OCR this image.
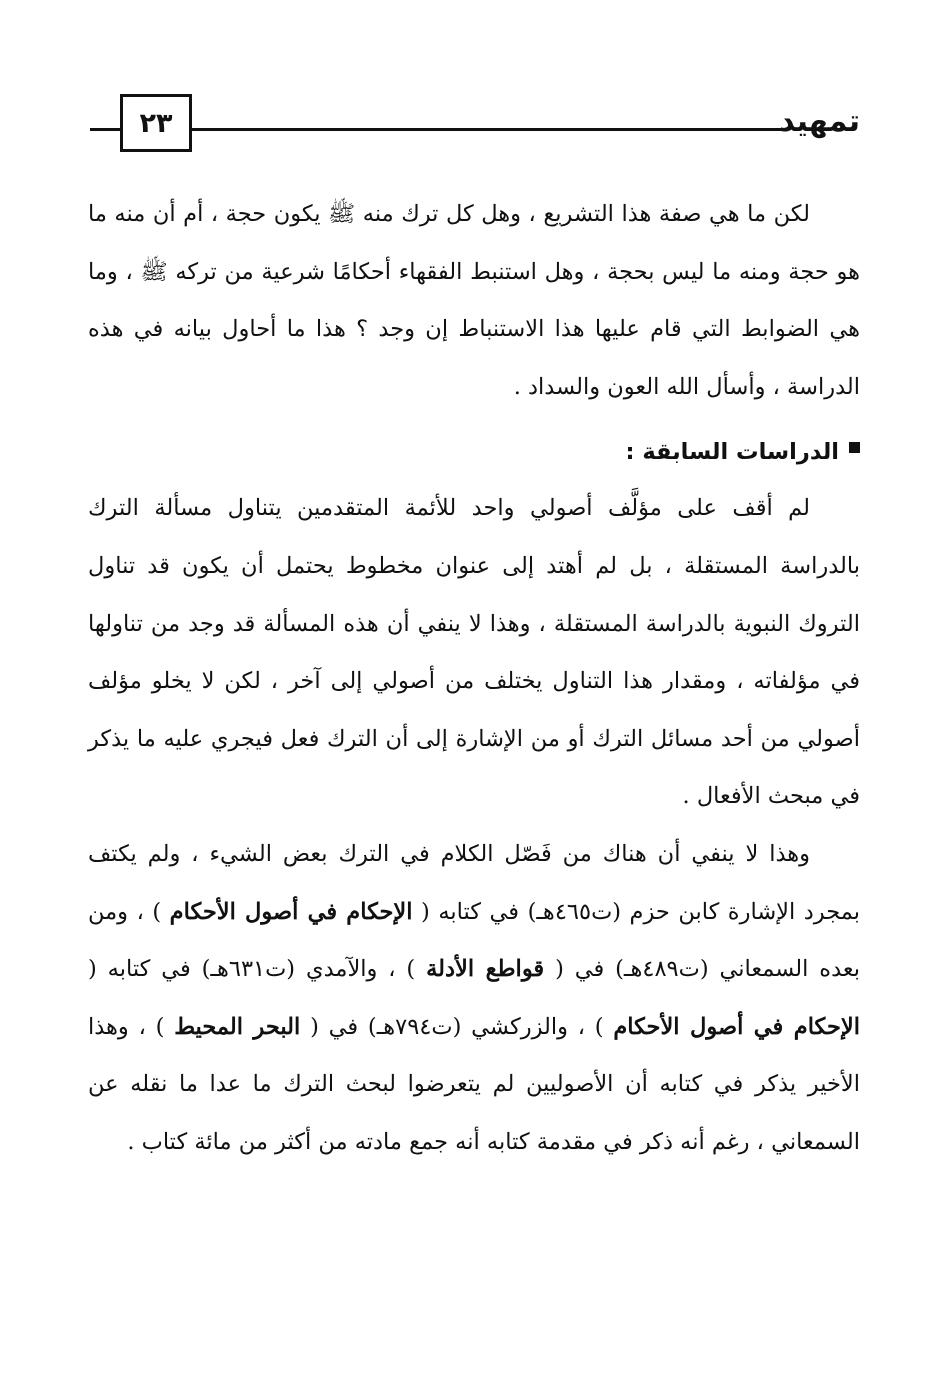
٢٣	تمهيد

لكن ما هي صفة هذا التشريع ، وهل كل ترك منه ﷺ يكون حجة ، أم أن منه ما هو حجة ومنه ما ليس بحجة ، وهل استنبط الفقهاء أحكامًا شرعية من تركه ﷺ ، وما هي الضوابط التي قام عليها هذا الاستنباط إن وجد ؟ هذا ما أحاول بيانه في هذه الدراسة ، وأسأل الله العون والسداد .

الدراسات السابقة :

لم أقف على مؤلَّف أصولي واحد للأئمة المتقدمين يتناول مسألة الترك بالدراسة المستقلة ، بل لم أهتد إلى عنوان مخطوط يحتمل أن يكون قد تناول التروك النبوية بالدراسة المستقلة ، وهذا لا ينفي أن هذه المسألة قد وجد من تناولها في مؤلفاته ، ومقدار هذا التناول يختلف من أصولي إلى آخر ، لكن لا يخلو مؤلف أصولي من أحد مسائل الترك أو من الإشارة إلى أن الترك فعل فيجري عليه ما يذكر في مبحث الأفعال .

وهذا لا ينفي أن هناك من فَصّل الكلام في الترك بعض الشيء ، ولم يكتف بمجرد الإشارة كابن حزم (ت٤٦٥هـ) في كتابه ( الإحكام في أصول الأحكام ) ، ومن بعده السمعاني (ت٤٨٩هـ) في ( قواطع الأدلة ) ، والآمدي (ت٦٣١هـ) في كتابه ( الإحكام في أصول الأحكام ) ، والزركشي (ت٧٩٤هـ) في ( البحر المحيط ) ، وهذا الأخير يذكر في كتابه أن الأصوليين لم يتعرضوا لبحث الترك ما عدا ما نقله عن السمعاني ، رغم أنه ذكر في مقدمة كتابه أنه جمع مادته من أكثر من مائة كتاب .
